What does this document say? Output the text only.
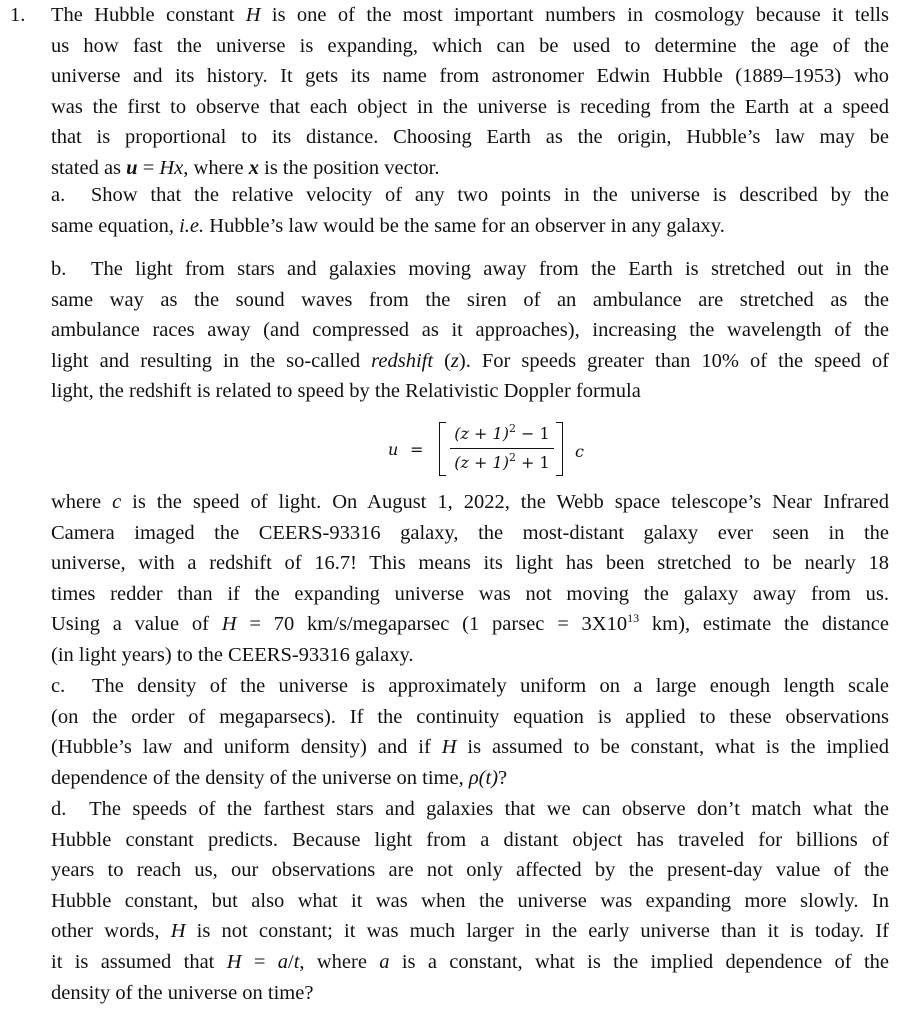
1. The Hubble constant H is one of the most important numbers in cosmology because it tells
us how fast the universe is expanding, which can be used to determine the age of the
universe and its history. It gets its name from astronomer Edwin Hubble (1889–1953) who
was the first to observe that each object in the universe is receding from the Earth at a speed
that is proportional to its distance. Choosing Earth as the origin, Hubble’s law may be
stated as u = Hx, where x is the position vector.
a. Show that the relative velocity of any two points in the universe is described by the
same equation, i.e. Hubble’s law would be the same for an observer in any galaxy.
b. The light from stars and galaxies moving away from the Earth is stretched out in the
same way as the sound waves from the siren of an ambulance are stretched as the
ambulance races away (and compressed as it approaches), increasing the wavelength of the
light and resulting in the so-called redshift (z). For speeds greater than 10% of the speed of
light, the redshift is related to speed by the Relativistic Doppler formula
u =
$(z + 1)^2 - 1$
$(z + 1)^2 + 1$
c
where c is the speed of light. On August 1, 2022, the Webb space telescope’s Near Infrared
Camera imaged the CEERS-93316 galaxy, the most-distant galaxy ever seen in the
universe, with a redshift of 16.7! This means its light has been stretched to be nearly 18
times redder than if the expanding universe was not moving the galaxy away from us.
Using a value of H = 70 km/s/megaparsec (1 $parsec = 3X10^{13}$ km), estimate the distance
(in light years) to the CEERS-93316 galaxy.
c. The density of the universe is approximately uniform on a large enough length scale
(on the order of megaparsecs). If the continuity equation is applied to these observations
(Hubble’s law and uniform density) and if H is assumed to be constant, what is the implied
dependence of the density of the universe on time, ρ(t)?
d. The speeds of the farthest stars and galaxies that we can observe don’t match what the
Hubble constant predicts. Because light from a distant object has traveled for billions of
years to reach us, our observations are not only affected by the present-day value of the
Hubble constant, but also what it was when the universe was expanding more slowly. In
other words, H is not constant; it was much larger in the early universe than it is today. If
it is assumed that H = a/t, where a is a constant, what is the implied dependence of the
density of the universe on time?
